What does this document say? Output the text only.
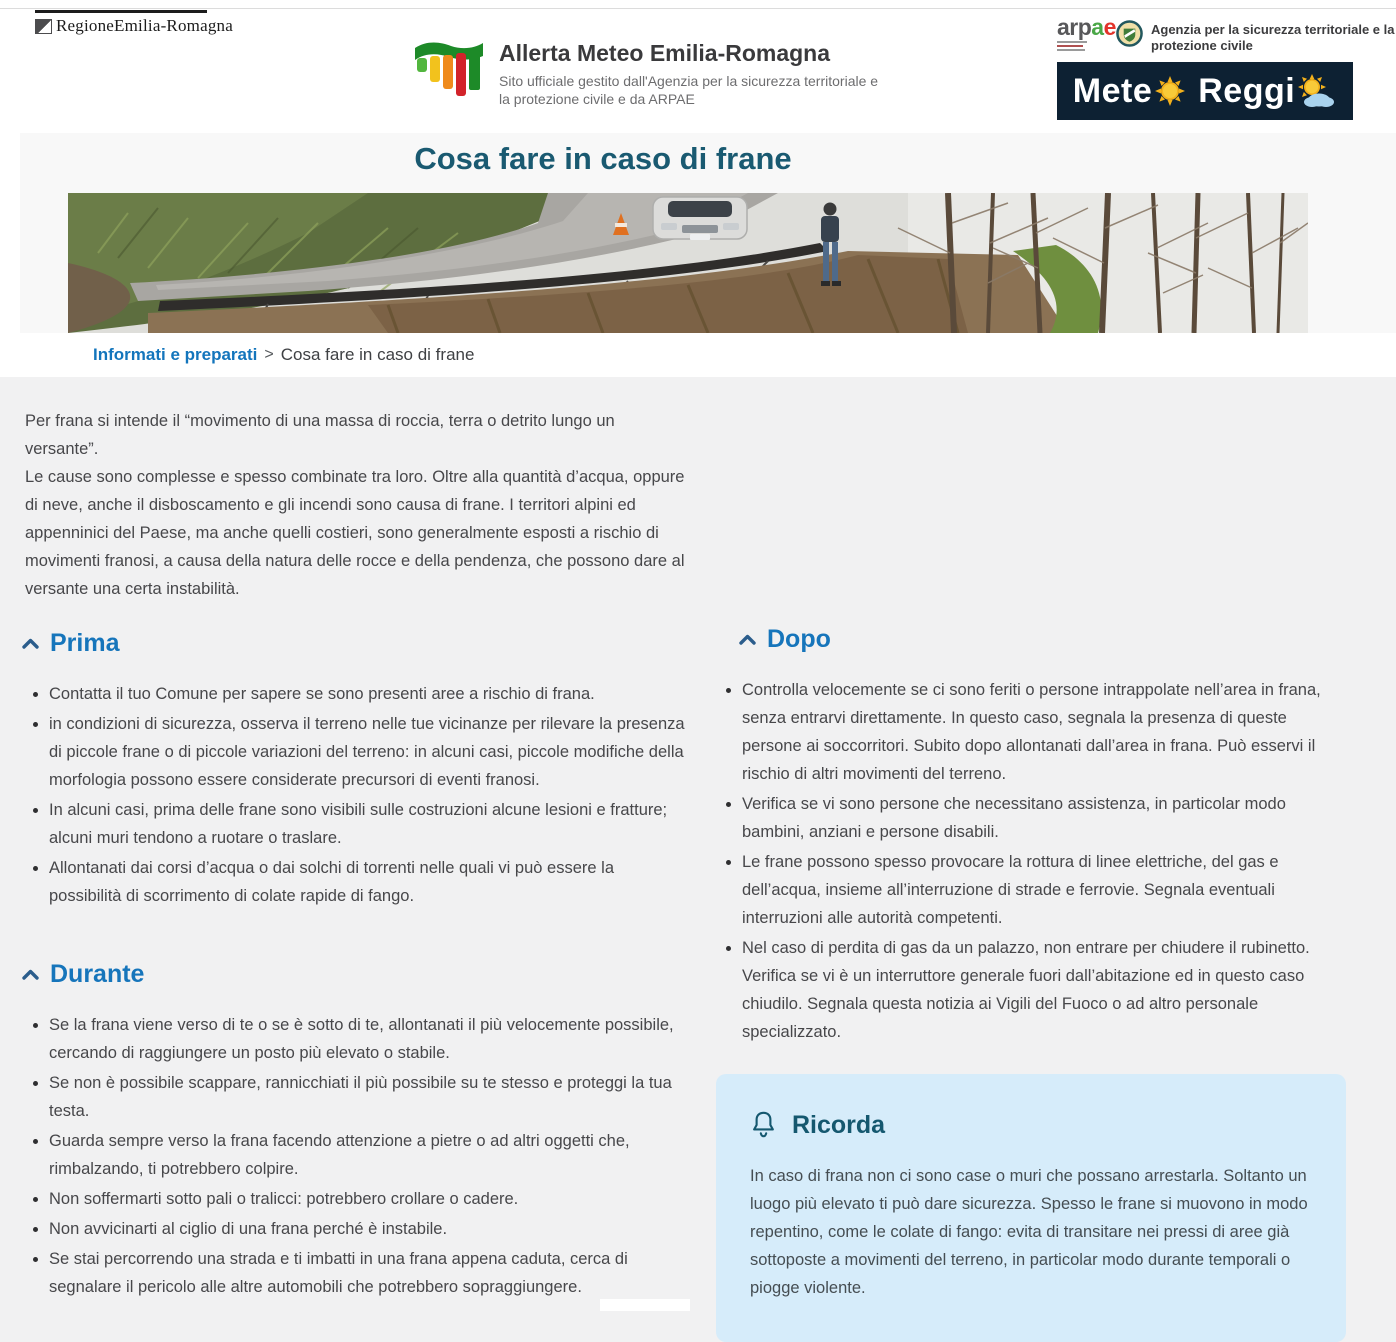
RegioneEmilia-Romagna
Allerta Meteo Emilia-Romagna
Sito ufficiale gestito dall'Agenzia per la sicurezza territoriale e
la protezione civile e da ARPAE
arpae	Agenzia per la sicurezza territoriale e la
protezione civile
Mete Reggi
Cosa fare in caso di frane
Informati e preparati > Cosa fare in caso di frane

Per frana si intende il “movimento di una massa di roccia, terra o detrito lungo un versante”.

Le cause sono complesse e spesso combinate tra loro. Oltre alla quantità d’acqua, oppure di neve, anche il disboscamento e gli incendi sono causa di frane. I territori alpini ed appenninici del Paese, ma anche quelli costieri, sono generalmente esposti a rischio di movimenti franosi, a causa della natura delle rocce e della pendenza, che possono dare al versante una certa instabilità.

Prima
• Contatta il tuo Comune per sapere se sono presenti aree a rischio di frana.
• in condizioni di sicurezza, osserva il terreno nelle tue vicinanze per rilevare la presenza di piccole frane o di piccole variazioni del terreno: in alcuni casi, piccole modifiche della morfologia possono essere considerate precursori di eventi franosi.
• In alcuni casi, prima delle frane sono visibili sulle costruzioni alcune lesioni e fratture; alcuni muri tendono a ruotare o traslare.
• Allontanati dai corsi d’acqua o dai solchi di torrenti nelle quali vi può essere la possibilità di scorrimento di colate rapide di fango.
Durante
• Se la frana viene verso di te o se è sotto di te, allontanati il più velocemente possibile, cercando di raggiungere un posto più elevato o stabile.
• Se non è possibile scappare, rannicchiati il più possibile su te stesso e proteggi la tua testa.
• Guarda sempre verso la frana facendo attenzione a pietre o ad altri oggetti che, rimbalzando, ti potrebbero colpire.
• Non soffermarti sotto pali o tralicci: potrebbero crollare o cadere.
• Non avvicinarti al ciglio di una frana perché è instabile.
• Se stai percorrendo una strada e ti imbatti in una frana appena caduta, cerca di segnalare il pericolo alle altre automobili che potrebbero sopraggiungere.
Dopo
• Controlla velocemente se ci sono feriti o persone intrappolate nell’area in frana, senza entrarvi direttamente. In questo caso, segnala la presenza di queste persone ai soccorritori. Subito dopo allontanati dall’area in frana. Può esservi il rischio di altri movimenti del terreno.
• Verifica se vi sono persone che necessitano assistenza, in particolar modo bambini, anziani e persone disabili.
• Le frane possono spesso provocare la rottura di linee elettriche, del gas e dell’acqua, insieme all’interruzione di strade e ferrovie. Segnala eventuali interruzioni alle autorità competenti.
• Nel caso di perdita di gas da un palazzo, non entrare per chiudere il rubinetto. Verifica se vi è un interruttore generale fuori dall’abitazione ed in questo caso chiudilo. Segnala questa notizia ai Vigili del Fuoco o ad altro personale specializzato.
Ricorda

In caso di frana non ci sono case o muri che possano arrestarla. Soltanto un luogo più elevato ti può dare sicurezza. Spesso le frane si muovono in modo repentino, come le colate di fango: evita di transitare nei pressi di aree già sottoposte a movimenti del terreno, in particolar modo durante temporali o piogge violente.
